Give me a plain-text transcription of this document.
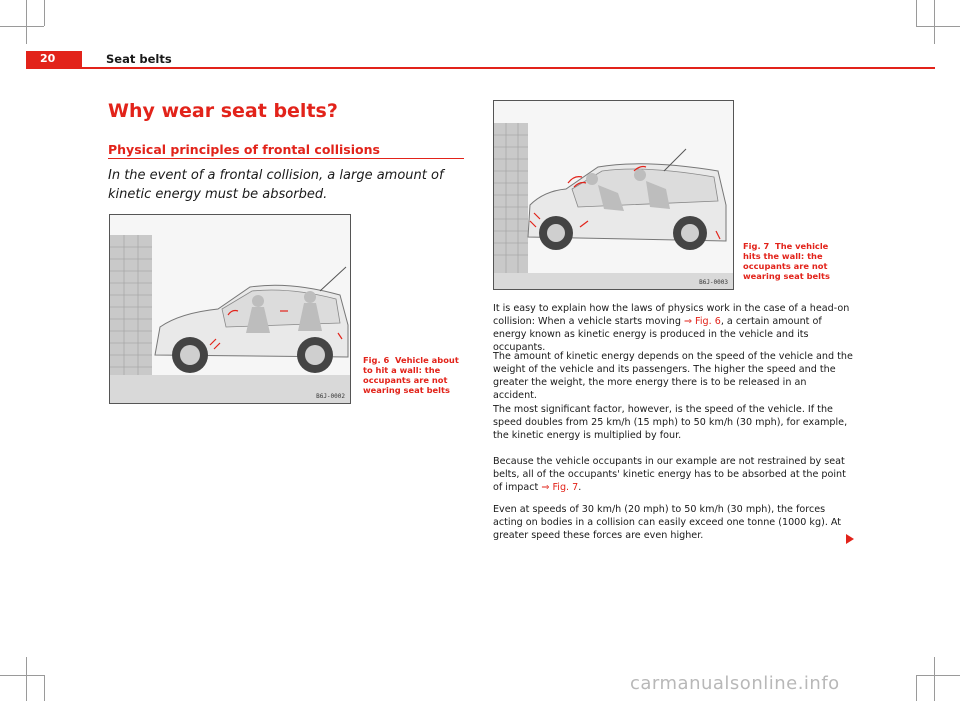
20	Seat belts
Why wear seat belts?
Physical principles of frontal collisions
In the event of a frontal collision, a large amount of kinetic energy must be absorbed.
B6J-0002
Fig. 6 Vehicle about to hit a wall: the occupants are not wearing seat belts
B6J-0003
Fig. 7 The vehicle hits the wall: the occupants are not wearing seat belts
It is easy to explain how the laws of physics work in the case of a head-on collision: When a vehicle starts moving ⇒ Fig. 6, a certain amount of energy known as kinetic energy is produced in the vehicle and its occupants.
The amount of kinetic energy depends on the speed of the vehicle and the weight of the vehicle and its passengers. The higher the speed and the greater the weight, the more energy there is to be released in an accident.
The most significant factor, however, is the speed of the vehicle. If the speed doubles from 25 km/h (15 mph) to 50 km/h (30 mph), for example, the kinetic energy is multiplied by four.
Because the vehicle occupants in our example are not restrained by seat belts, all of the occupants' kinetic energy has to be absorbed at the point of impact ⇒ Fig. 7.
Even at speeds of 30 km/h (20 mph) to 50 km/h (30 mph), the forces acting on bodies in a collision can easily exceed one tonne (1000 kg). At greater speed these forces are even higher.
carmanualsonline.info
